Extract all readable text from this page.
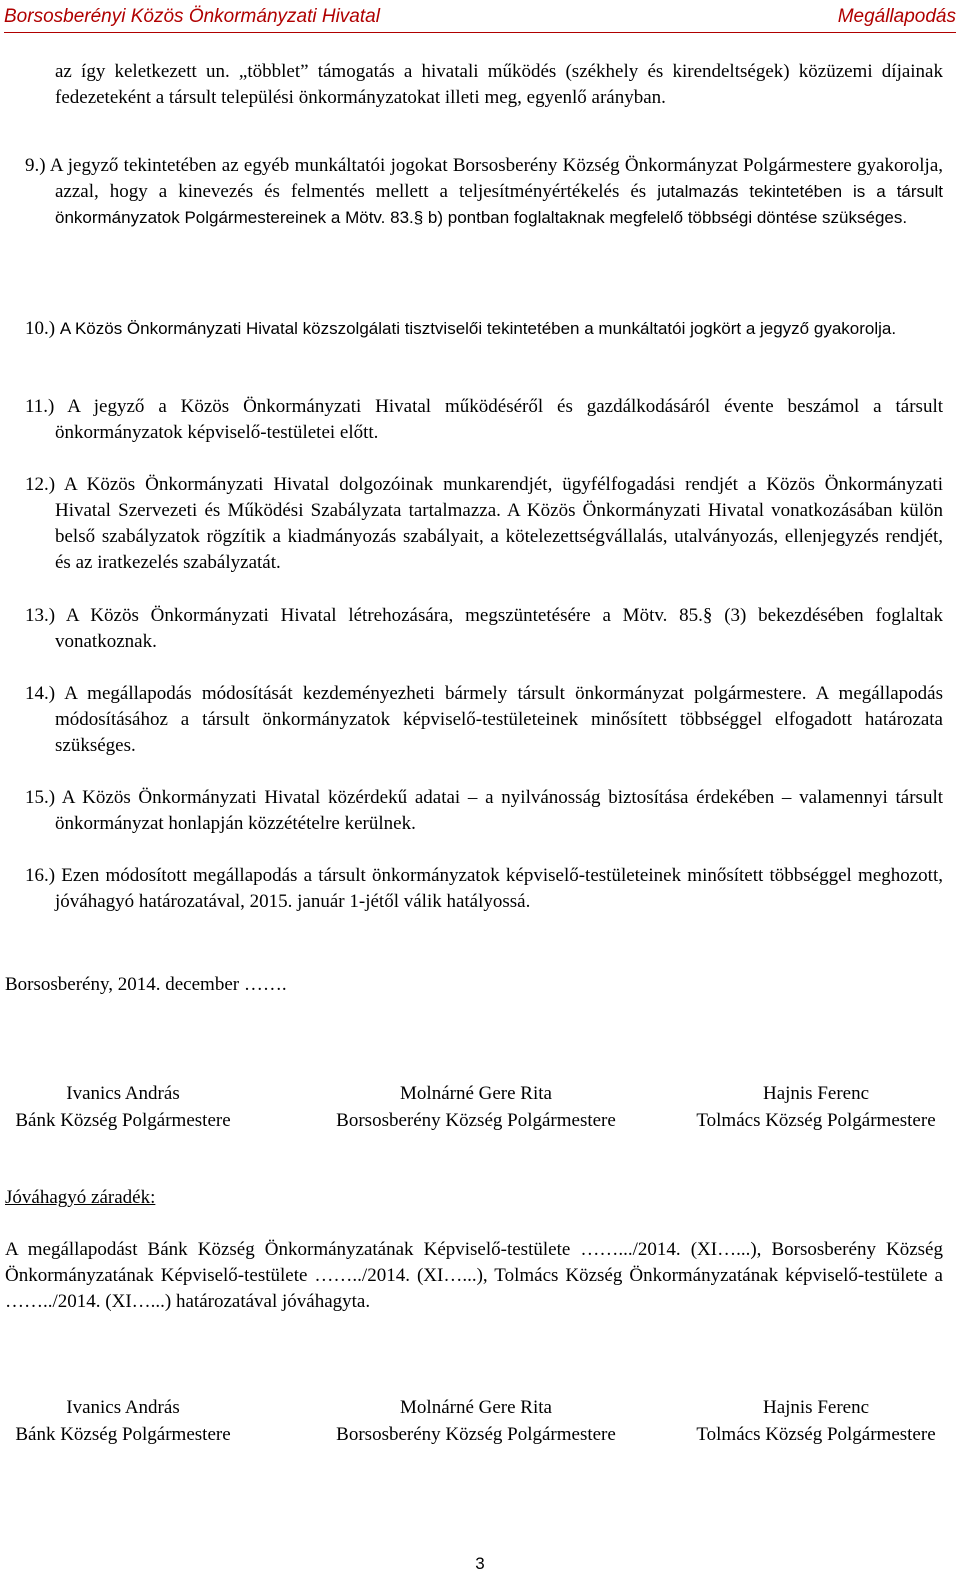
Borsosberényi Közös Önkormányzati Hivatal	Megállapodás
az így keletkezett un. „többlet” támogatás a hivatali működés (székhely és kirendeltségek) közüzemi díjainak fedezeteként a társult települési önkormányzatokat illeti meg, egyenlő arányban.
9.) A jegyző tekintetében az egyéb munkáltatói jogokat Borsosberény Község Önkormányzat Polgármestere gyakorolja, azzal, hogy a kinevezés és felmentés mellett a teljesítményértékelés és jutalmazás tekintetében is a társult önkormányzatok Polgármestereinek a Mötv. 83.§ b) pontban foglaltaknak megfelelő többségi döntése szükséges.
10.) A Közös Önkormányzati Hivatal közszolgálati tisztviselői tekintetében a munkáltatói jogkört a jegyző gyakorolja.
11.) A jegyző a Közös Önkormányzati Hivatal működéséről és gazdálkodásáról évente beszámol a társult önkormányzatok képviselő-testületei előtt.
12.) A Közös Önkormányzati Hivatal dolgozóinak munkarendjét, ügyfélfogadási rendjét a Közös Önkormányzati Hivatal Szervezeti és Működési Szabályzata tartalmazza. A Közös Önkormányzati Hivatal vonatkozásában külön belső szabályzatok rögzítik a kiadmányozás szabályait, a kötelezettségvállalás, utalványozás, ellenjegyzés rendjét, és az iratkezelés szabályzatát.
13.) A Közös Önkormányzati Hivatal létrehozására, megszüntetésére a Mötv. 85.§ (3) bekezdésében foglaltak vonatkoznak.
14.) A megállapodás módosítását kezdeményezheti bármely társult önkormányzat polgármestere. A megállapodás módosításához a társult önkormányzatok képviselő-testületeinek minősített többséggel elfogadott határozata szükséges.
15.) A Közös Önkormányzati Hivatal közérdekű adatai – a nyilvánosság biztosítása érdekében – valamennyi társult önkormányzat honlapján közzétételre kerülnek.
16.) Ezen módosított megállapodás a társult önkormányzatok képviselő-testületeinek minősített többséggel meghozott, jóváhagyó határozatával, 2015. január 1-jétől válik hatályossá.
Borsosberény, 2014. december …….
Ivanics András
Bánk Község Polgármestere
Molnárné Gere Rita
Borsosberény Község Polgármestere
Hajnis Ferenc
Tolmács Község Polgármestere
Jóváhagyó záradék:
A megállapodást Bánk Község Önkormányzatának Képviselő-testülete …….../2014. (XI…...), Borsosberény Község Önkormányzatának Képviselő-testülete ……../2014. (XI…...), Tolmács Község Önkormányzatának képviselő-testülete a ……../2014. (XI…...) határozatával jóváhagyta.
Ivanics András
Bánk Község Polgármestere
Molnárné Gere Rita
Borsosberény Község Polgármestere
Hajnis Ferenc
Tolmács Község Polgármestere
3
